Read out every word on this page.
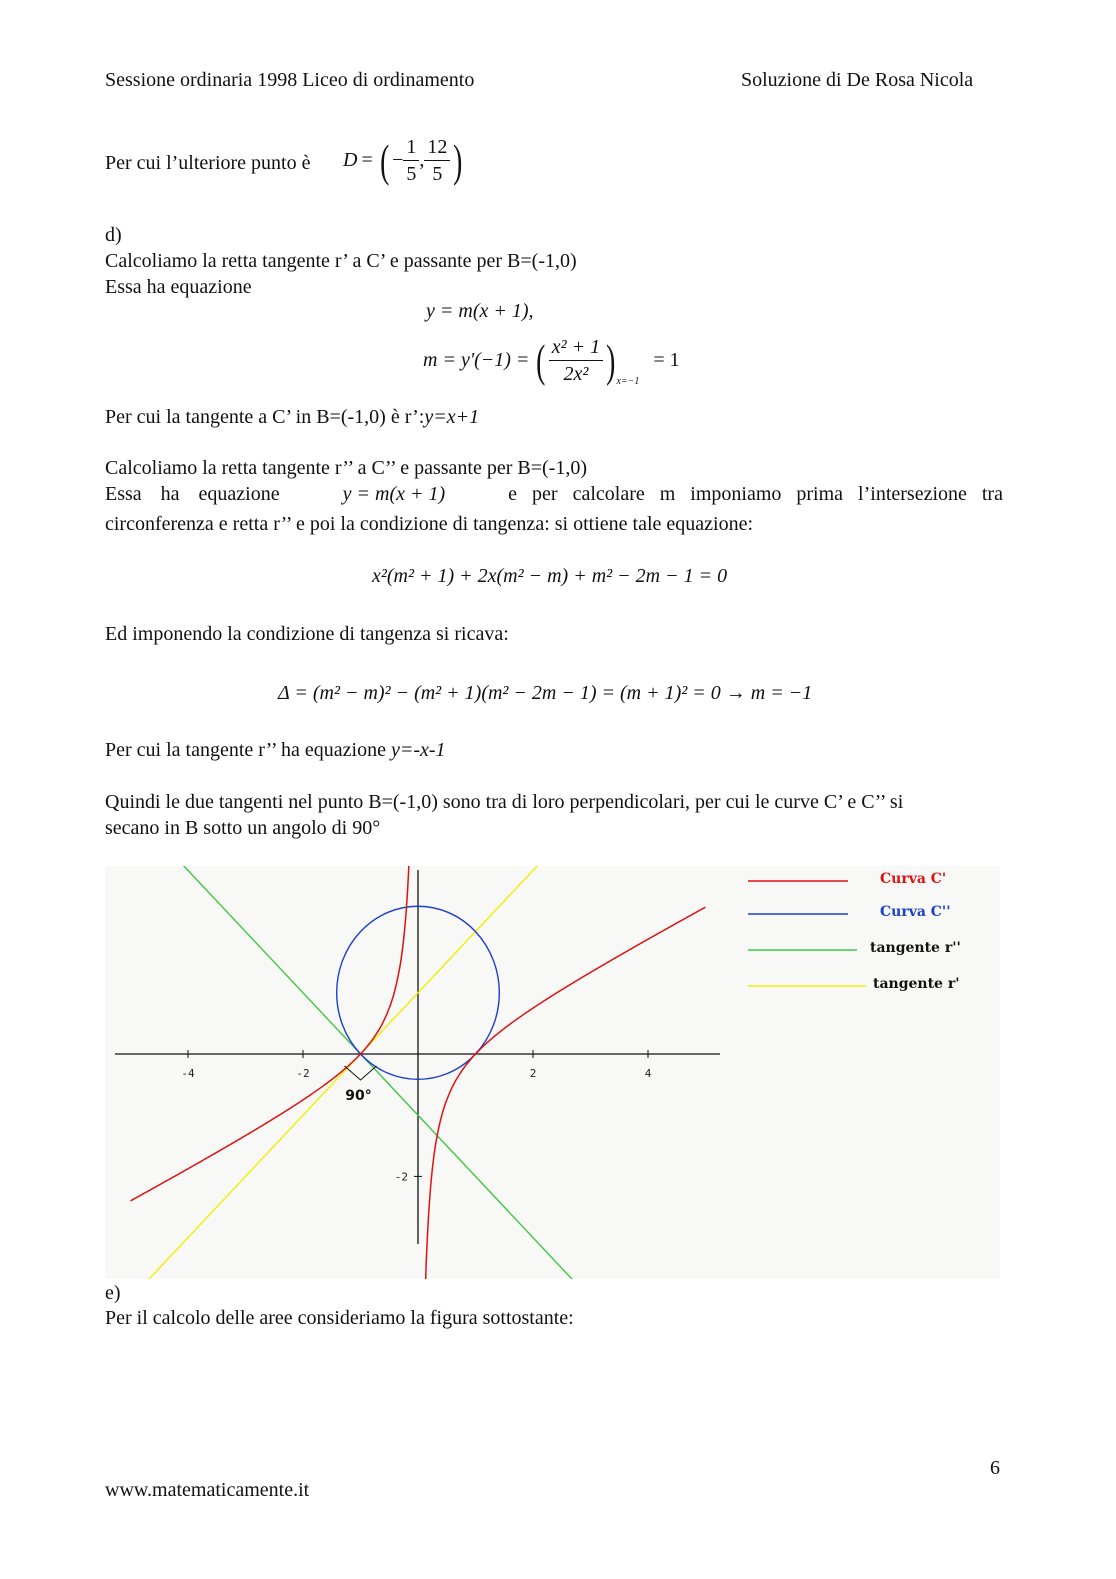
Sessione ordinaria 1998 Liceo di ordinamento	Soluzione di De Rosa Nicola
Per cui l’ulteriore punto è D = ( − $\frac{1}{5}$ , $\frac{12}{5}$ )
d)
Calcoliamo la retta tangente r’ a C’ e passante per B=(-1,0)
Essa ha equazione
y = m(x + 1),
m = y'(−1) = ( $\frac{\text{x² + 1}}{\text{2x²}}$ ) x=−1
= 1
Per cui la tangente a C’ in B=(-1,0) è r’:y=x+1
Calcoliamo la retta tangente r’’ a C’’ e passante per B=(-1,0)
Essa ha equazione	y = m(x + 1)	e per calcolare m imponiamo prima l’intersezione tra
circonferenza e retta r’’ e poi la condizione di tangenza: si ottiene tale equazione:
x²(m² + 1) + 2x(m² − m) + m² − 2m − 1 = 0
Ed imponendo la condizione di tangenza si ricava:
Δ = (m² − m)² − (m² + 1)(m² − 2m − 1) = (m + 1)² = 0 → m = −1
Per cui la tangente r’’ ha equazione y=-x-1
Quindi le due tangenti nel punto B=(-1,0) sono tra di loro perpendicolari, per cui le curve C’ e C’’ si
secano in B sotto un angolo di 90°
-4	-2	2	4
-2
90°
Curva C'
Curva C''
tangente r''
tangente r'
e)
Per il calcolo delle aree consideriamo la figura sottostante:
6
www.matematicamente.it
